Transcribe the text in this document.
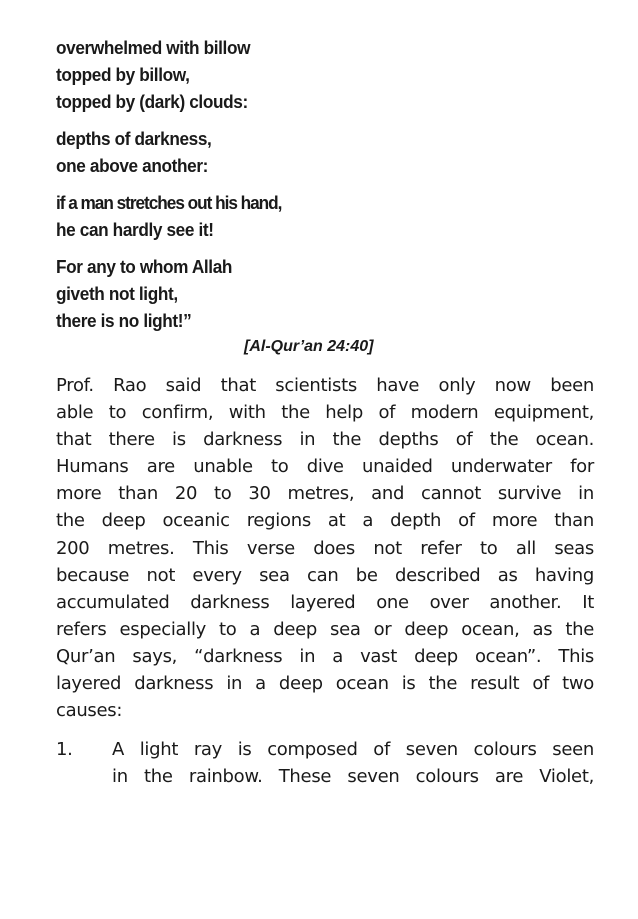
overwhelmed with billow
topped by billow,
topped by (dark) clouds:
depths of darkness,
one above another:
if a man stretches out his hand,
he can hardly see it!
For any to whom Allah
giveth not light,
there is no light!”
[Al-Qur’an 24:40]

Prof. Rao said that scientists have only now been
able to confirm, with the help of modern equipment,
that there is darkness in the depths of the ocean.
Humans are unable to dive unaided underwater for
more than 20 to 30 metres, and cannot survive in
the deep oceanic regions at a depth of more than
200 metres. This verse does not refer to all seas
because not every sea can be described as having
accumulated darkness layered one over another. It
refers especially to a deep sea or deep ocean, as the
Qur’an says, “darkness in a vast deep ocean”. This
layered darkness in a deep ocean is the result of two
causes:

1.	A light ray is composed of seven colours seen
in the rainbow. These seven colours are Violet,
